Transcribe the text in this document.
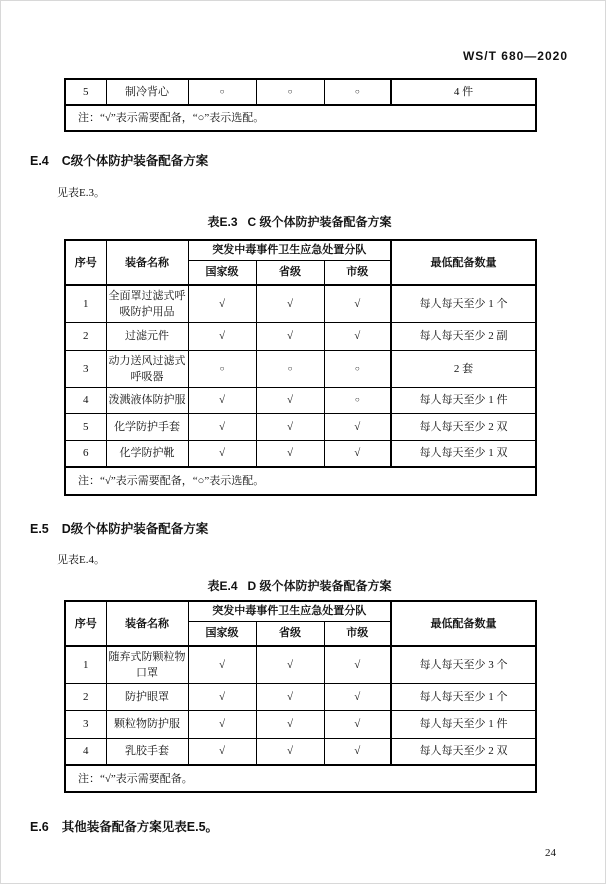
WS/T 680—2020
5	制冷背心	○	○	○	4 件
注：“√”表示需要配备，“○”表示选配。
E.4 C级个体防护装备配备方案
见表E.3。
表E.3 C 级个体防护装备配备方案
序号	装备名称	突发中毒事件卫生应急处置分队			最低配备数量
		国家级	省级	市级	
1	全面罩过滤式呼吸防护用品	√	√	√	每人每天至少 1 个
2	过滤元件	√	√	√	每人每天至少 2 副
3	动力送风过滤式呼吸器	○	○	○	2 套
4	泼溅液体防护服	√	√	○	每人每天至少 1 件
5	化学防护手套	√	√	√	每人每天至少 2 双
6	化学防护靴	√	√	√	每人每天至少 1 双
注：“√”表示需要配备，“○”表示选配。					
E.5 D级个体防护装备配备方案
见表E.4。
表E.4 D 级个体防护装备配备方案
序号	装备名称	突发中毒事件卫生应急处置分队			最低配备数量
		国家级	省级	市级	
1	随弃式防颗粒物口罩	√	√	√	每人每天至少 3 个
2	防护眼罩	√	√	√	每人每天至少 1 个
3	颗粒物防护服	√	√	√	每人每天至少 1 件
4	乳胶手套	√	√	√	每人每天至少 2 双
注：“√”表示需要配备。					
E.6 其他装备配备方案见表E.5。
24
